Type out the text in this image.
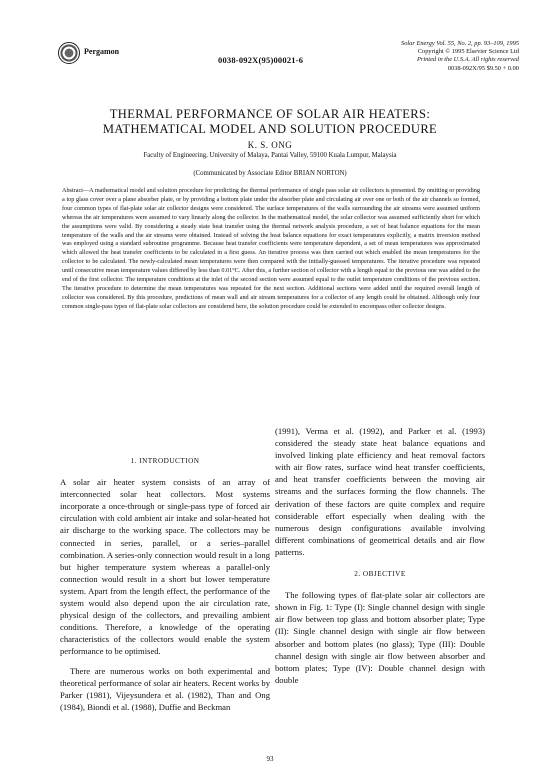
Pergamon
0038-092X(95)00021-6
Solar Energy Vol. 55, No. 2, pp. 93–109, 1995
Copyright © 1995 Elsevier Science Ltd
Printed in the U.S.A. All rights reserved
0038-092X/95 $9.50 + 0.00
THERMAL PERFORMANCE OF SOLAR AIR HEATERS:
MATHEMATICAL MODEL AND SOLUTION PROCEDURE
K. S. ONG
Faculty of Engineering, University of Malaya, Pantai Valley, 59100 Kuala Lumpur, Malaysia
(Communicated by Associate Editor BRIAN NORTON)
Abstract—A mathematical model and solution procedure for predicting the thermal performance of single pass solar air collectors is presented. By omitting or providing a top glass cover over a plane absorber plate, or by providing a bottom plate under the absorber plate and circulating air over one or both of the air channels so formed, four common types of flat-plate solar air collector designs were considered. The surface temperatures of the walls surrounding the air streams were assumed uniform whereas the air temperatures were assumed to vary linearly along the collector. In the mathematical model, the solar collector was assumed sufficiently short for which the assumptions were valid. By considering a steady state heat transfer using the thermal network analysis procedure, a set of heat balance equations for the mean temperature of the walls and the air streams were obtained. Instead of solving the heat balance equations for exact temperatures explicitly, a matrix inversion method was employed using a standard subroutine programme. Because heat transfer coefficients were temperature dependent, a set of mean temperatures was approximated which allowed the heat transfer coefficients to be calculated in a first guess. An iterative process was then carried out which enabled the mean temperatures for the collector to be calculated. The newly-calculated mean temperatures were then compared with the initially-guessed temperatures. The iterative procedure was repeated until consecutive mean temperature values differed by less than 0.01°C. After this, a further section of collector with a length equal to the previous one was added to the end of the first collector. The temperature conditions at the inlet of the second section were assumed equal to the outlet temperature conditions of the previous section. The iterative procedure to determine the mean temperatures was repeated for the next section. Additional sections were added until the required overall length of collector was considered. By this procedure, predictions of mean wall and air stream temperatures for a collector of any length could be obtained. Although only four common single-pass types of flat-plate solar collectors are considered here, the solution procedure could be extended to encompass other collector designs.
1. INTRODUCTION
A solar air heater system consists of an array of interconnected solar heat collectors. Most systems incorporate a once-through or single-pass type of forced air circulation with cold ambient air intake and solar-heated hot air discharge to the working space. The collectors may be connected in series, parallel, or a series–parallel combination. A series-only connection would result in a long but higher temperature system whereas a parallel-only connection would result in a short but lower temperature system. Apart from the length effect, the performance of the system would also depend upon the air circulation rate, physical design of the collectors, and prevailing ambient conditions. Therefore, a knowledge of the operating characteristics of the collectors would enable the system performance to be optimised.
There are numerous works on both experimental and theoretical performance of solar air heaters. Recent works by Parker (1981), Vijeysundera et al. (1982), Than and Ong (1984), Biondi et al. (1988), Duffie and Beckman
(1991), Verma et al. (1992), and Parker et al. (1993) considered the steady state heat balance equations and involved linking plate efficiency and heat removal factors with air flow rates, surface wind heat transfer coefficients, and heat transfer coefficients between the moving air streams and the surfaces forming the flow channels. The derivation of these factors are quite complex and require considerable effort especially when dealing with the numerous design configurations available involving different combinations of geometrical details and air flow patterns.
2. OBJECTIVE
The following types of flat-plate solar air collectors are shown in Fig. 1: Type (I): Single channel design with single air flow between top glass and bottom absorber plate; Type (II): Single channel design with single air flow between absorber and bottom plates (no glass); Type (III): Double channel design with single air flow between absorber and bottom plates; Type (IV): Double channel design with double
93
